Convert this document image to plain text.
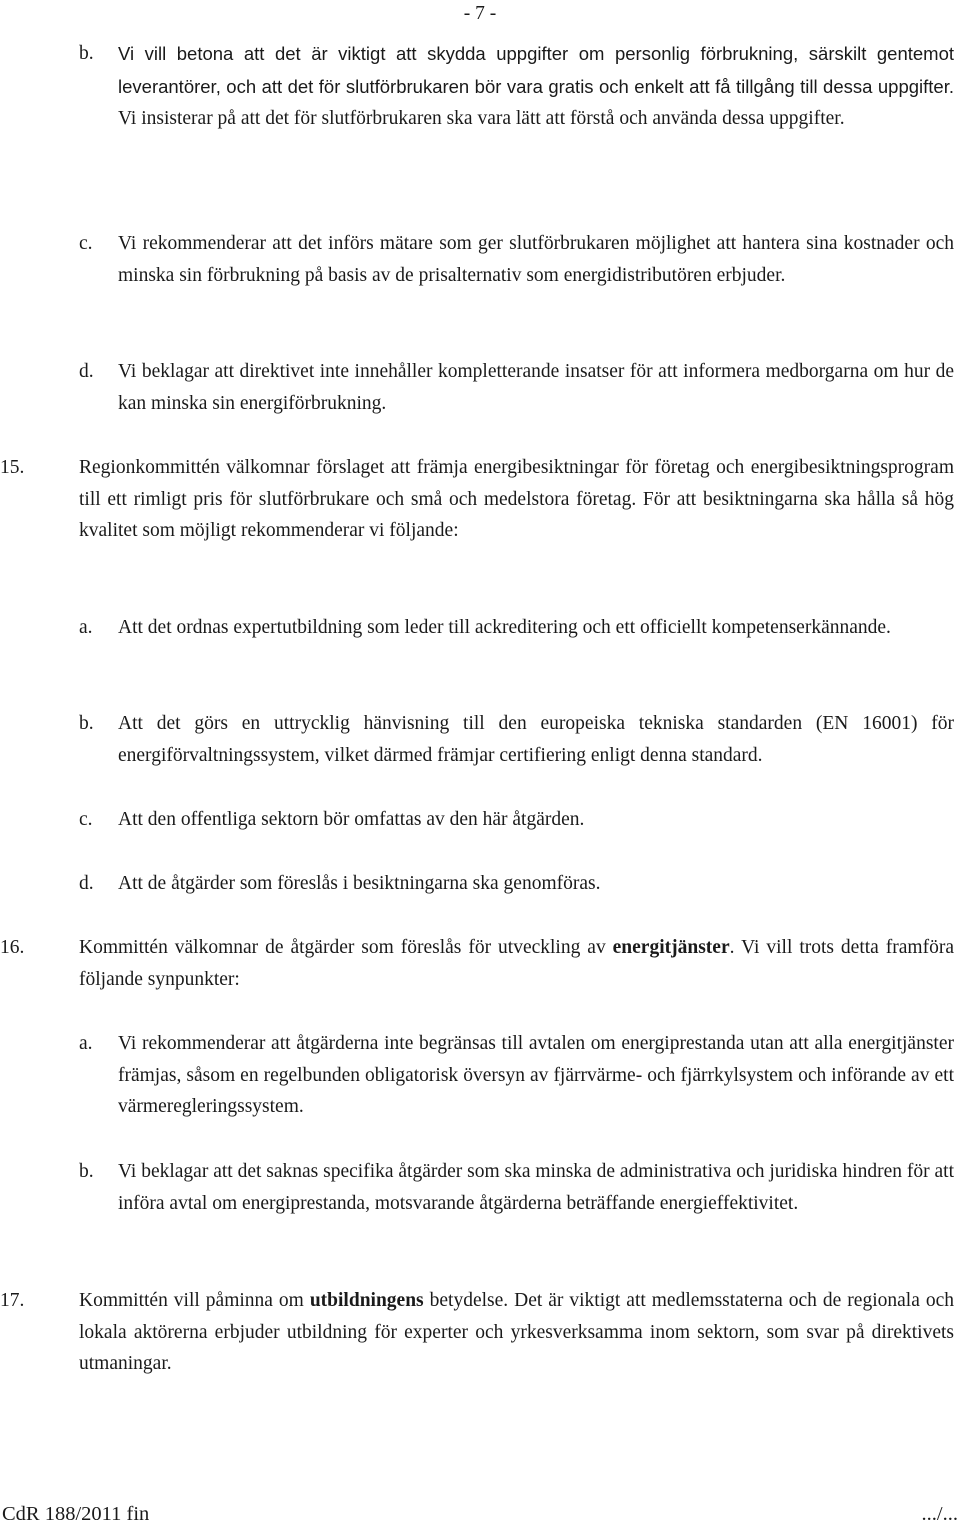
- 7 -
b. Vi vill betona att det är viktigt att skydda uppgifter om personlig förbrukning, särskilt gentemot leverantörer, och att det för slutförbrukaren bör vara gratis och enkelt att få tillgång till dessa uppgifter. Vi insisterar på att det för slutförbrukaren ska vara lätt att förstå och använda dessa uppgifter.
c. Vi rekommenderar att det införs mätare som ger slutförbrukaren möjlighet att hantera sina kostnader och minska sin förbrukning på basis av de prisalternativ som energidistributören erbjuder.
d. Vi beklagar att direktivet inte innehåller kompletterande insatser för att informera medborgarna om hur de kan minska sin energiförbrukning.
15.	Regionkommittén välkomnar förslaget att främja energibesiktningar för företag och energibesiktningsprogram till ett rimligt pris för slutförbrukare och små och medelstora företag. För att besiktningarna ska hålla så hög kvalitet som möjligt rekommenderar vi följande:
a. Att det ordnas expertutbildning som leder till ackreditering och ett officiellt kompetenserkännande.
b. Att det görs en uttrycklig hänvisning till den europeiska tekniska standarden (EN 16001) för energiförvaltningssystem, vilket därmed främjar certifiering enligt denna standard.
c. Att den offentliga sektorn bör omfattas av den här åtgärden.
d. Att de åtgärder som föreslås i besiktningarna ska genomföras.
16.	Kommittén välkomnar de åtgärder som föreslås för utveckling av energitjänster. Vi vill trots detta framföra följande synpunkter:
a. Vi rekommenderar att åtgärderna inte begränsas till avtalen om energiprestanda utan att alla energitjänster främjas, såsom en regelbunden obligatorisk översyn av fjärrvärme- och fjärrkylsystem och införande av ett värmeregleringssystem.
b. Vi beklagar att det saknas specifika åtgärder som ska minska de administrativa och juridiska hindren för att införa avtal om energiprestanda, motsvarande åtgärderna beträffande energieffektivitet.
17.	Kommittén vill påminna om utbildningens betydelse. Det är viktigt att medlemsstaterna och de regionala och lokala aktörerna erbjuder utbildning för experter och yrkesverksamma inom sektorn, som svar på direktivets utmaningar.
CdR 188/2011 fin	.../...
